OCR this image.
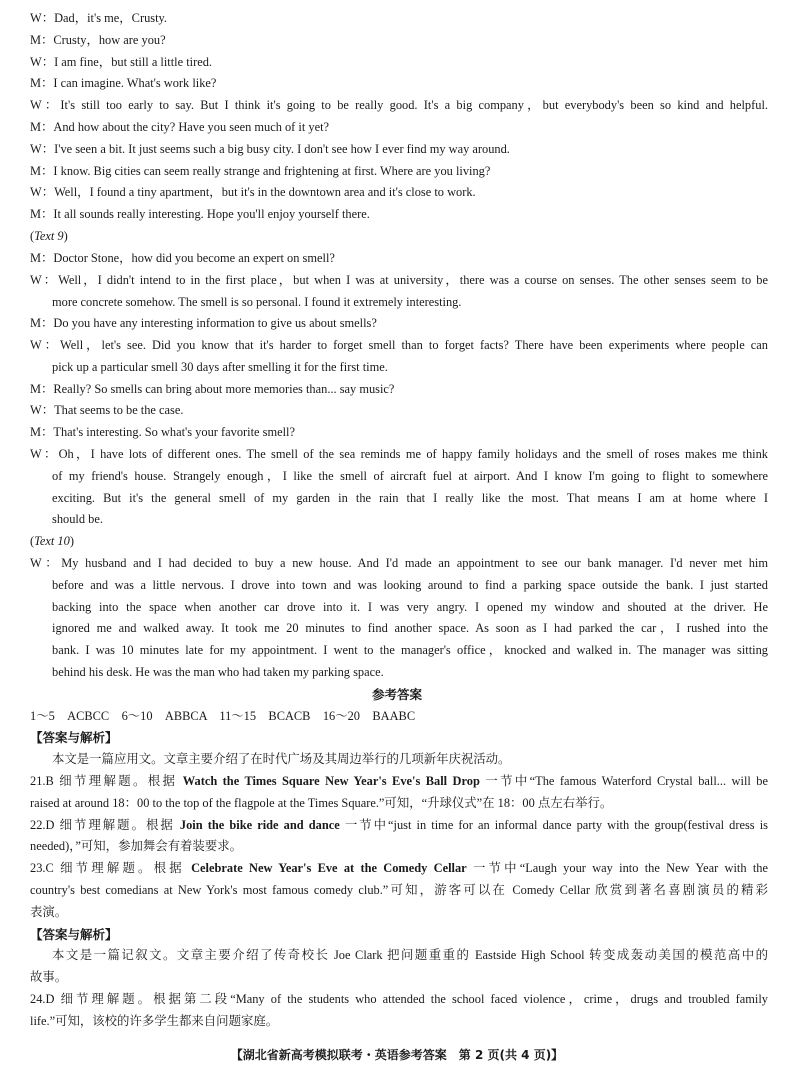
W：Dad，it's me，Crusty.
M：Crusty，how are you?
W：I am fine，but still a little tired.
M：I can imagine. What's work like?
W：It's still too early to say. But I think it's going to be really good. It's a big company，but everybody's been so kind and helpful.
M：And how about the city? Have you seen much of it yet?
W：I've seen a bit. It just seems such a big busy city. I don't see how I ever find my way around.
M：I know. Big cities can seem really strange and frightening at first. Where are you living?
W：Well，I found a tiny apartment，but it's in the downtown area and it's close to work.
M：It all sounds really interesting. Hope you'll enjoy yourself there.
(Text 9)
M：Doctor Stone，how did you become an expert on smell?
W：Well，I didn't intend to in the first place，but when I was at university，there was a course on senses. The other senses seem to be
more concrete somehow. The smell is so personal. I found it extremely interesting.
M：Do you have any interesting information to give us about smells?
W：Well，let's see. Did you know that it's harder to forget smell than to forget facts? There have been experiments where people can
pick up a particular smell 30 days after smelling it for the first time.
M：Really? So smells can bring about more memories than... say music?
W：That seems to be the case.
M：That's interesting. So what's your favorite smell?
W：Oh，I have lots of different ones. The smell of the sea reminds me of happy family holidays and the smell of roses makes me think
of my friend's house. Strangely enough，I like the smell of aircraft fuel at airport. And I know I'm going to flight to somewhere
exciting. But it's the general smell of my garden in the rain that I really like the most. That means I am at home where I
should be.
(Text 10)
W：My husband and I had decided to buy a new house. And I'd made an appointment to see our bank manager. I'd never met him
before and was a little nervous. I drove into town and was looking around to find a parking space outside the bank. I just started
backing into the space when another car drove into it. I was very angry. I opened my window and shouted at the driver. He
ignored me and walked away. It took me 20 minutes to find another space. As soon as I had parked the car，I rushed into the
bank. I was 10 minutes late for my appointment. I went to the manager's office，knocked and walked in. The manager was sitting
behind his desk. He was the man who had taken my parking space.
参考答案
1～5　ACBCC　6～10　ABBCA　11～15　BCACB　16～20　BAABC
【答案与解析】
本文是一篇应用文。文章主要介绍了在时代广场及其周边举行的几项新年庆祝活动。
21.B 细节理解题。根据 Watch the Times Square New Year's Eve's Ball Drop 一节中“The famous Waterford Crystal ball... will be
raised at around 18：00 to the top of the flagpole at the Times Square.”可知，“升球仪式”在 18：00 点左右举行。
22.D 细节理解题。根据 Join the bike ride and dance 一节中“just in time for an informal dance party with the group(festival dress is
needed)，”可知，参加舞会有着装要求。
23.C 细节理解题。根据 Celebrate New Year's Eve at the Comedy Cellar 一节中“Laugh your way into the New Year with the
country's best comedians at New York's most famous comedy club.”可知，游客可以在 Comedy Cellar 欣赏到著名喜剧演员的精彩
表演。
【答案与解析】
本文是一篇记叙文。文章主要介绍了传奇校长 Joe Clark 把问题重重的 Eastside High School 转变成轰动美国的模范高中的
故事。
24.D 细节理解题。根据第二段“Many of the students who attended the school faced violence，crime，drugs and troubled family
life.”可知，该校的许多学生都来自问题家庭。
【湖北省新高考模拟联考・英语参考答案　第 2 页(共 4 页)】
